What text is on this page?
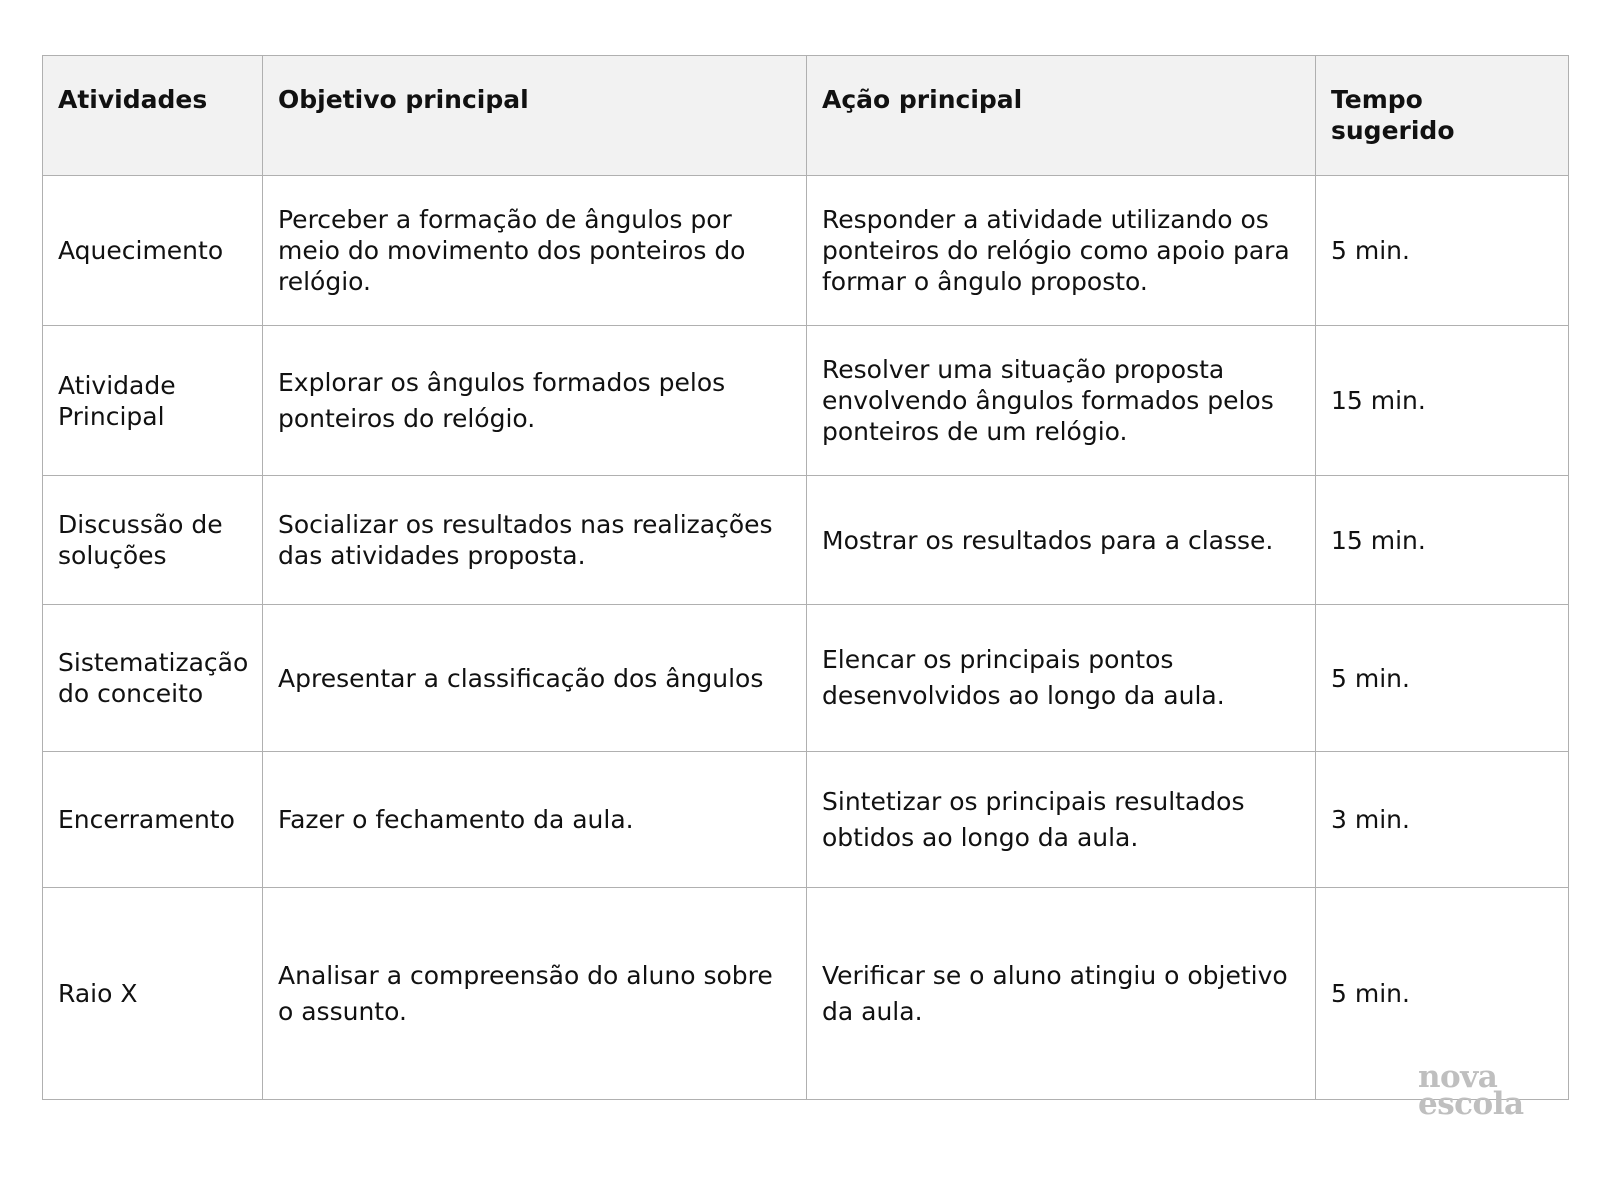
Atividades	Objetivo principal	Ação principal	Tempo sugerido
Aquecimento	Perceber a formação de ângulos por meio do movimento dos ponteiros do relógio.	Responder a atividade utilizando os ponteiros do relógio como apoio para formar o ângulo proposto.	5 min.
Atividade Principal	Explorar os ângulos formados pelos ponteiros do relógio.	Resolver uma situação proposta envolvendo ângulos formados pelos ponteiros de um relógio.	15 min.
Discussão de soluções	Socializar os resultados nas realizações das atividades proposta.	Mostrar os resultados para a classe.	15 min.
Sistematização do conceito	Apresentar a classificação dos ângulos	Elencar os principais pontos desenvolvidos ao longo da aula.	5 min.
Encerramento	Fazer o fechamento da aula.	Sintetizar os principais resultados obtidos ao longo da aula.	3 min.
Raio X	Analisar a compreensão do aluno sobre o assunto.	Verificar se o aluno atingiu o objetivo da aula.	5 min.
nova
escola
